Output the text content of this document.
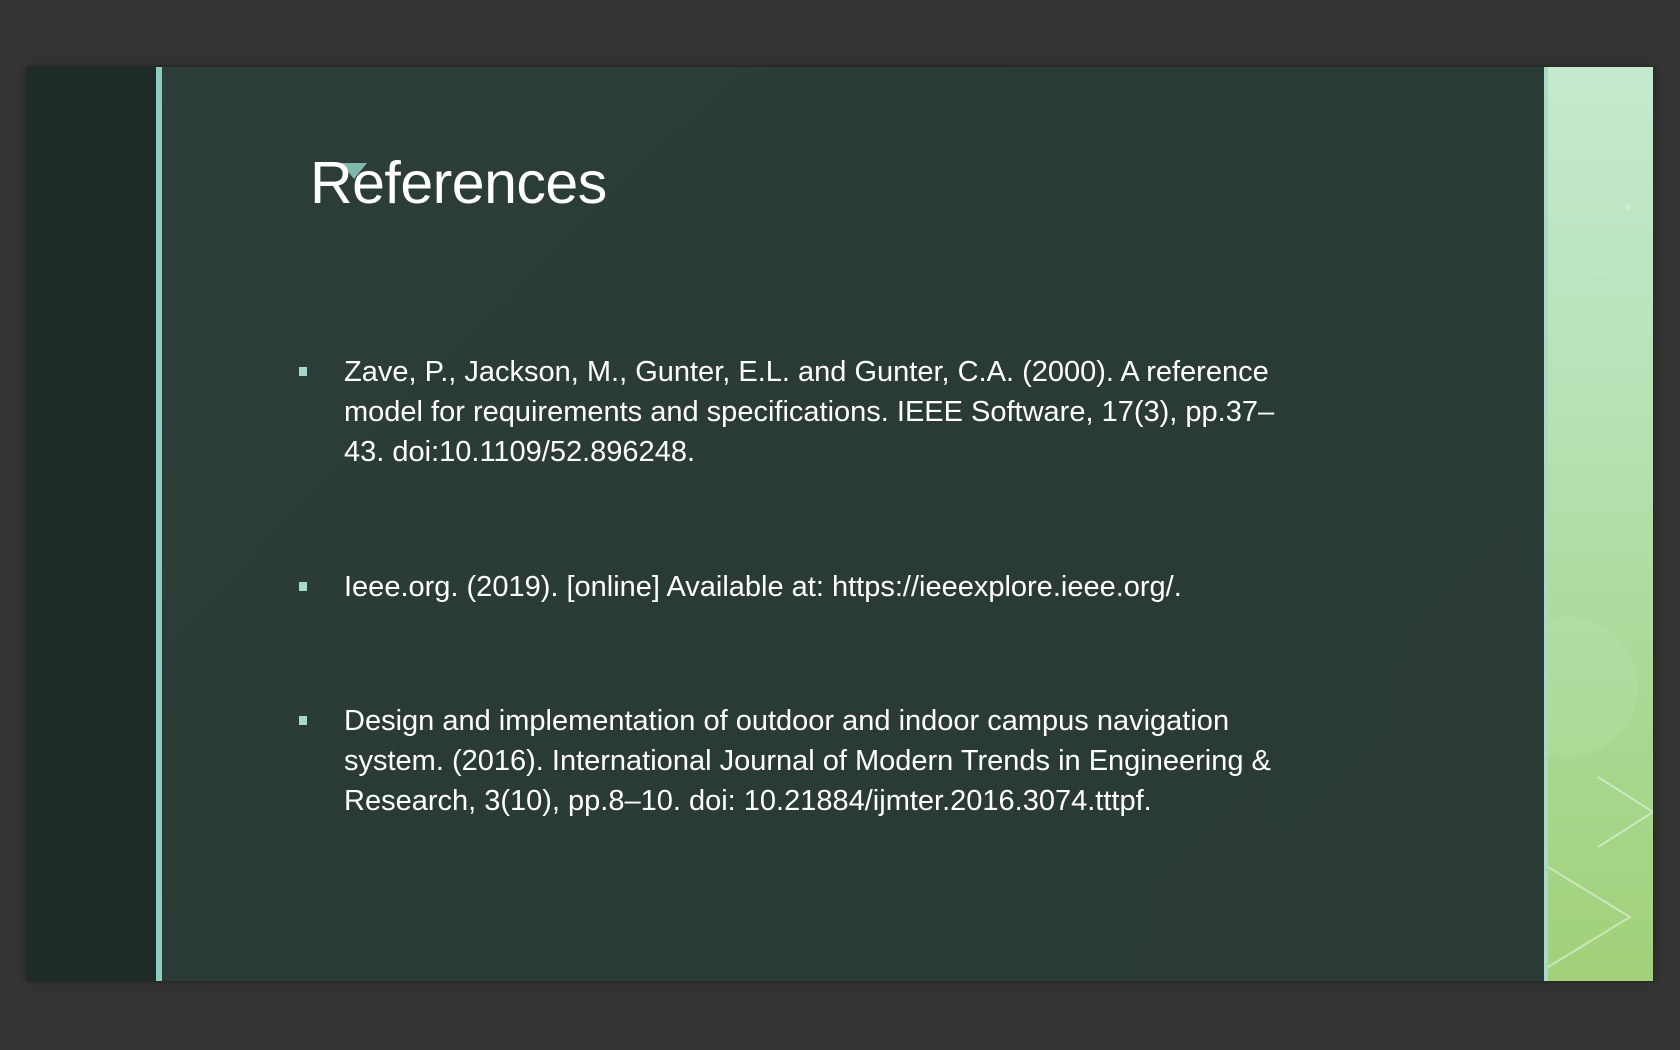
References
Zave, P., Jackson, M., Gunter, E.L. and Gunter, C.A. (2000). A reference model for requirements and specifications. IEEE Software, 17(3), pp.37–43. doi:10.1109/52.896248.
Ieee.org. (2019). [online] Available at: https://ieeexplore.ieee.org/.
Design and implementation of outdoor and indoor campus navigation system. (2016). International Journal of Modern Trends in Engineering & Research, 3(10), pp.8–10. doi: 10.21884/ijmter.2016.3074.tttpf.
